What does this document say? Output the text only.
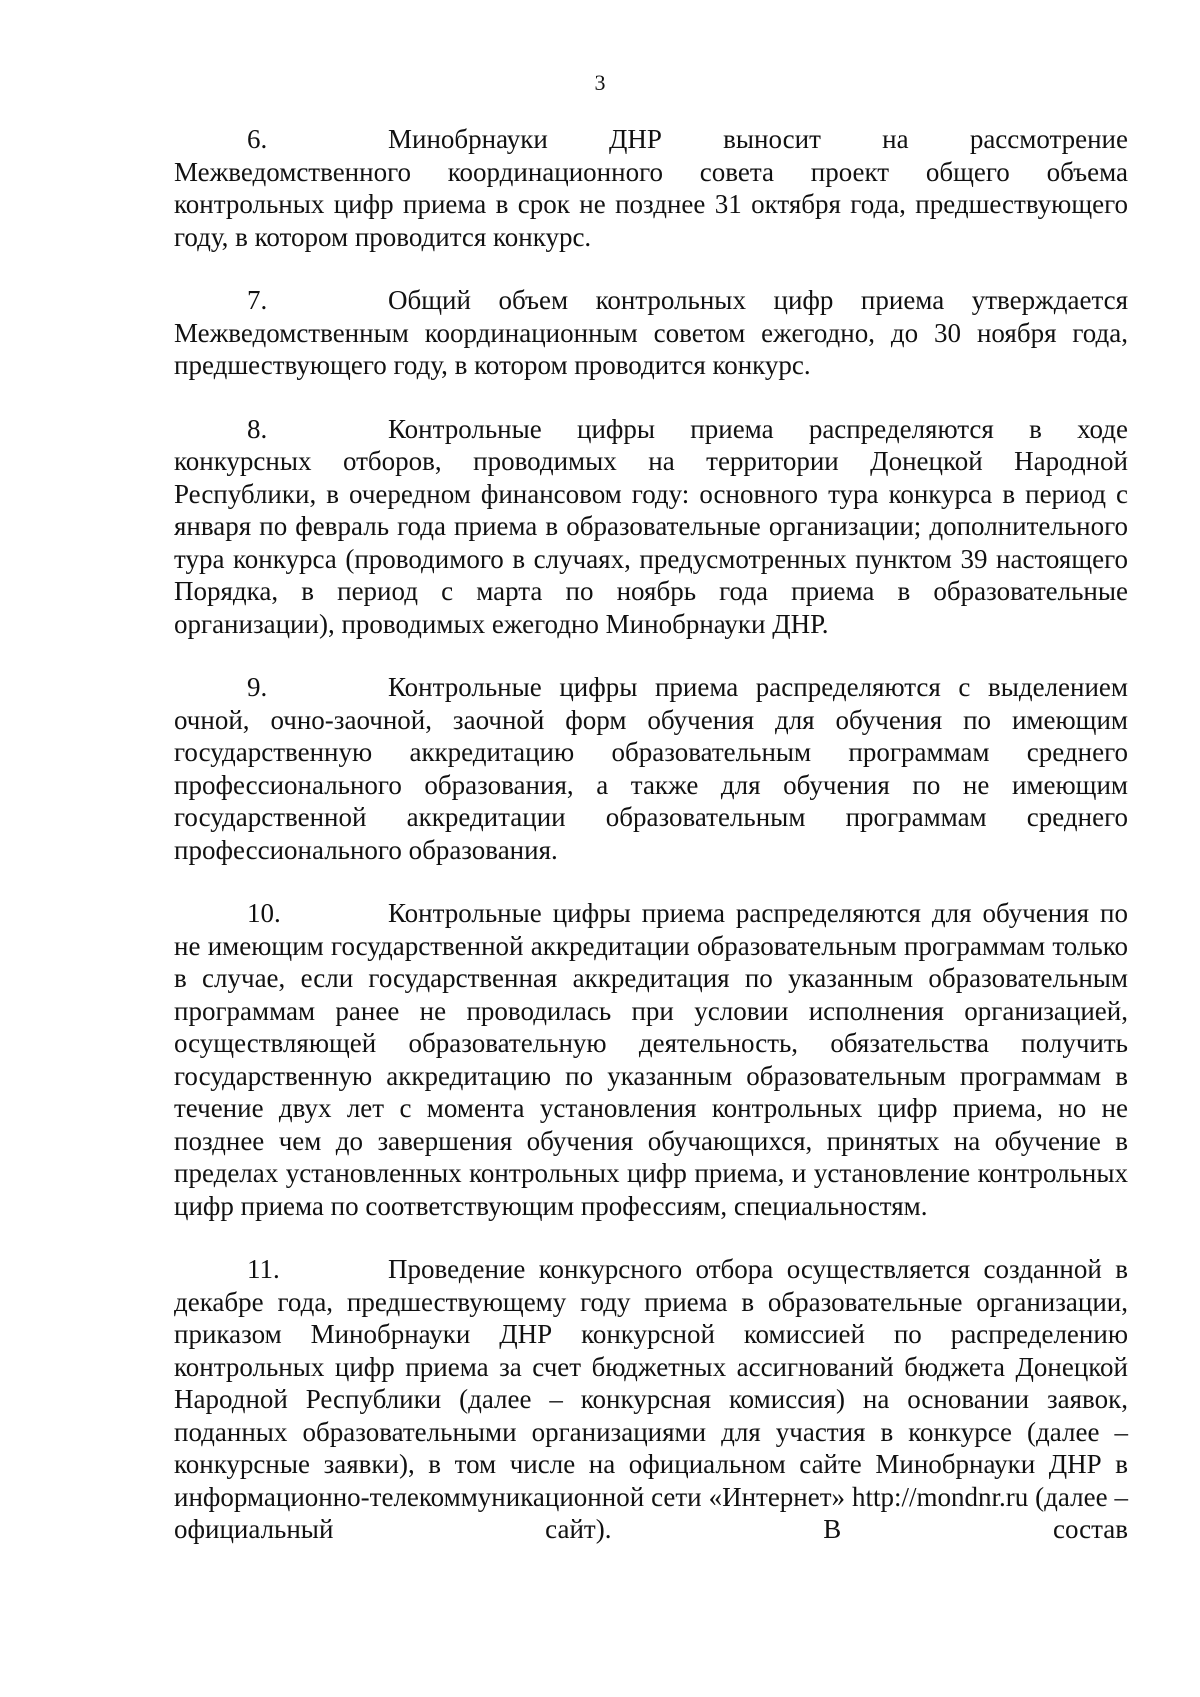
3

6.	Минобрнауки ДНР выносит на рассмотрение Межведомственного координационного совета проект общего объема контрольных цифр приема в срок не позднее 31 октября года, предшествующего году, в котором проводится конкурс.

7.	Общий объем контрольных цифр приема утверждается Межведомственным координационным советом ежегодно, до 30 ноября года, предшествующего году, в котором проводится конкурс.

8.	Контрольные цифры приема распределяются в ходе конкурсных отборов, проводимых на территории Донецкой Народной Республики, в очередном финансовом году: основного тура конкурса в период с января по февраль года приема в образовательные организации; дополнительного тура конкурса (проводимого в случаях, предусмотренных пунктом 39 настоящего Порядка, в период с марта по ноябрь года приема в образовательные организации), проводимых ежегодно Минобрнауки ДНР.

9.	Контрольные цифры приема распределяются с выделением очной, очно-заочной, заочной форм обучения для обучения по имеющим государственную аккредитацию образовательным программам среднего профессионального образования, а также для обучения по не имеющим государственной аккредитации образовательным программам среднего профессионального образования.

10.	Контрольные цифры приема распределяются для обучения по не имеющим государственной аккредитации образовательным программам только в случае, если государственная аккредитация по указанным образовательным программам ранее не проводилась при условии исполнения организацией, осуществляющей образовательную деятельность, обязательства получить государственную аккредитацию по указанным образовательным программам в течение двух лет с момента установления контрольных цифр приема, но не позднее чем до завершения обучения обучающихся, принятых на обучение в пределах установленных контрольных цифр приема, и установление контрольных цифр приема по соответствующим профессиям, специальностям.

11.	Проведение конкурсного отбора осуществляется созданной в декабре года, предшествующему году приема в образовательные организации, приказом Минобрнауки ДНР конкурсной комиссией по распределению контрольных цифр приема за счет бюджетных ассигнований бюджета Донецкой Народной Республики (далее – конкурсная комиссия) на основании заявок, поданных образовательными организациями для участия в конкурсе (далее – конкурсные заявки), в том числе на официальном сайте Минобрнауки ДНР в информационно-телекоммуникационной сети «Интернет» http://mondnr.ru (далее – официальный сайт). В состав
